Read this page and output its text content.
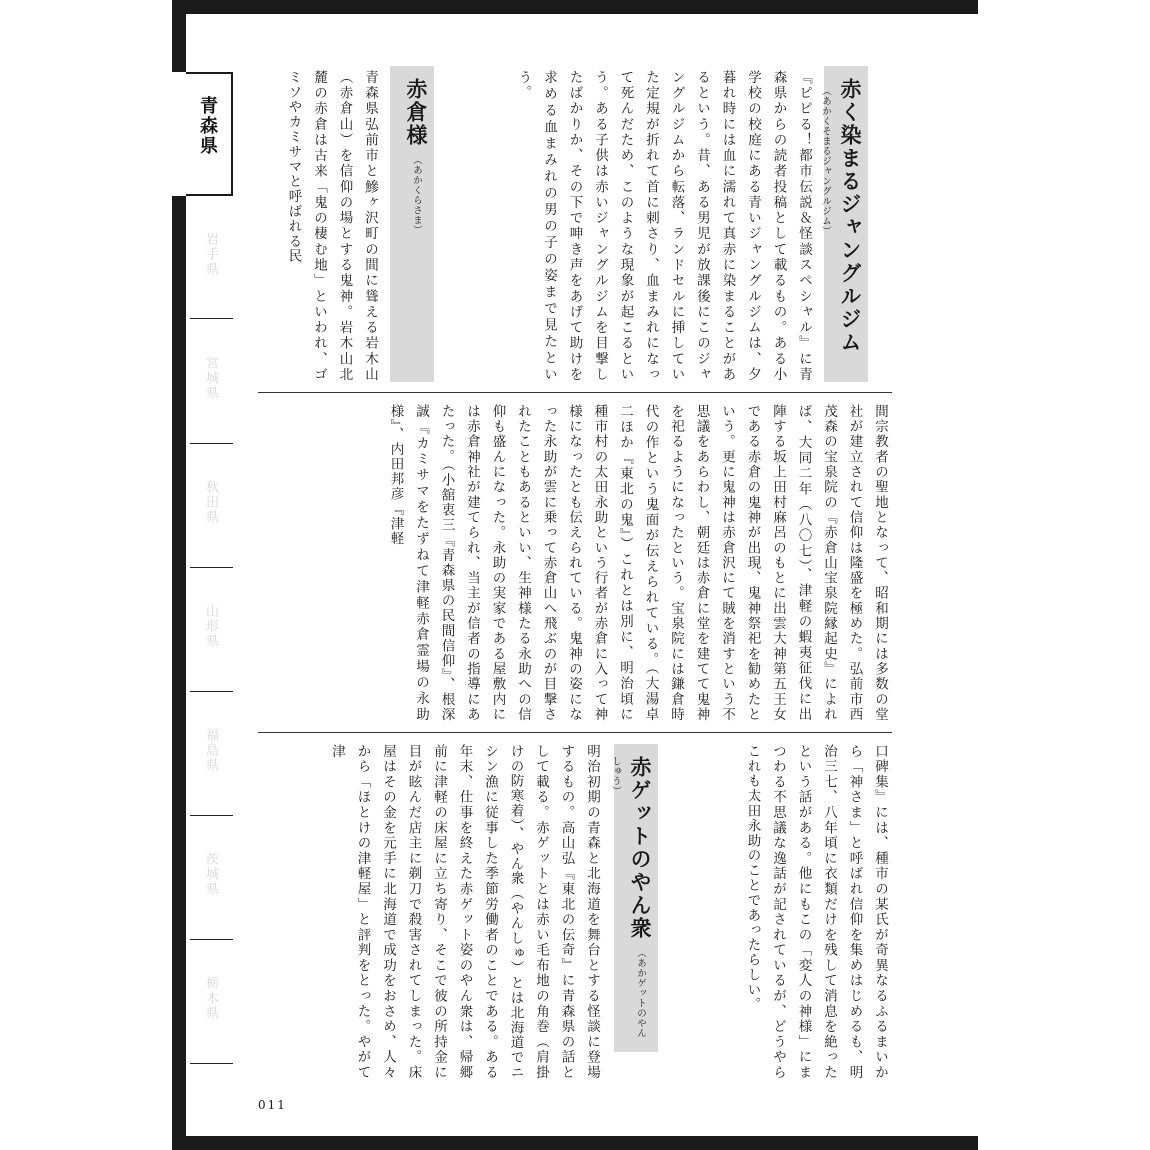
青森県
岩手県
宮城県
秋田県
山形県
福島県
茨城県
栃木県
赤く染まるジャングルジム（あかくそまるジャングルジム）
『ピピる！都市伝説＆怪談スペシャル』に青森県からの読者投稿として載るもの。ある小学校の校庭にある青いジャングルジムは、夕暮れ時には血に濡れて真赤に染まることがあるという。昔、ある男児が放課後にこのジャングルジムから転落、ランドセルに挿していた定規が折れて首に刺さり、血まみれになって死んだため、このような現象が起こるという。ある子供は赤いジャングルジムを目撃したばかりか、その下で呻き声をあげて助けを求める血まみれの男の子の姿まで見たという。
赤倉様（あかくらさま）
青森県弘前市と鰺ヶ沢町の間に聳える岩木山（赤倉山）を信仰の場とする鬼神。岩木山北麓の赤倉は古来「鬼の棲む地」といわれ、ゴミソやカミサマと呼ばれる民
間宗教者の聖地となって、昭和期には多数の堂社が建立されて信仰は隆盛を極めた。弘前市西茂森の宝泉院の『赤倉山宝泉院縁起史』によれば、大同二年（八〇七）、津軽の蝦夷征伐に出陣する坂上田村麻呂のもとに出雲大神第五王女である赤倉の鬼神が出現、鬼神祭祀を勧めたという。更に鬼神は赤倉沢にて賊を消すという不思議をあらわし、朝廷は赤倉に堂を建てて鬼神を祀るようになったという。宝泉院には鎌倉時代の作という鬼面が伝えられている。（大湯卓二ほか『東北の鬼』）これとは別に、明治頃に種市村の太田永助という行者が赤倉に入って神様になったとも伝えられている。鬼神の姿になった永助が雲に乗って赤倉山へ飛ぶのが目撃されたこともあるといい、生神様たる永助への信仰も盛んになった。永助の実家である屋敷内には赤倉神社が建てられ、当主が信者の指導にあたった。（小舘衷三『青森県の民間信仰』、根深誠『カミサマをたずねて津軽赤倉霊場の永助様』、内田邦彦『津軽
口碑集』には、種市の某氏が奇異なるふるまいから「神さま」と呼ばれ信仰を集めはじめるも、明治三七、八年頃に衣類だけを残して消息を絶ったという話がある。他にもこの「変人の神様」にまつわる不思議な逸話が記されているが、どうやらこれも太田永助のことであったらしい。
赤ゲットのやん衆（あかゲットのやんしゅう）
明治初期の青森と北海道を舞台とする怪談に登場するもの。高山弘『東北の伝奇』に青森県の話として載る。赤ゲットとは赤い毛布地の角巻（肩掛けの防寒着）、やん衆（やんしゅ）とは北海道でニシン漁に従事した季節労働者のことである。ある年末、仕事を終えた赤ゲット姿のやん衆は、帰郷前に津軽の床屋に立ち寄り、そこで彼の所持金に目が眩んだ店主に剃刀で殺害されてしまった。床屋はその金を元手に北海道で成功をおさめ、人々から「ほとけの津軽屋」と評判をとった。やがて津
011
